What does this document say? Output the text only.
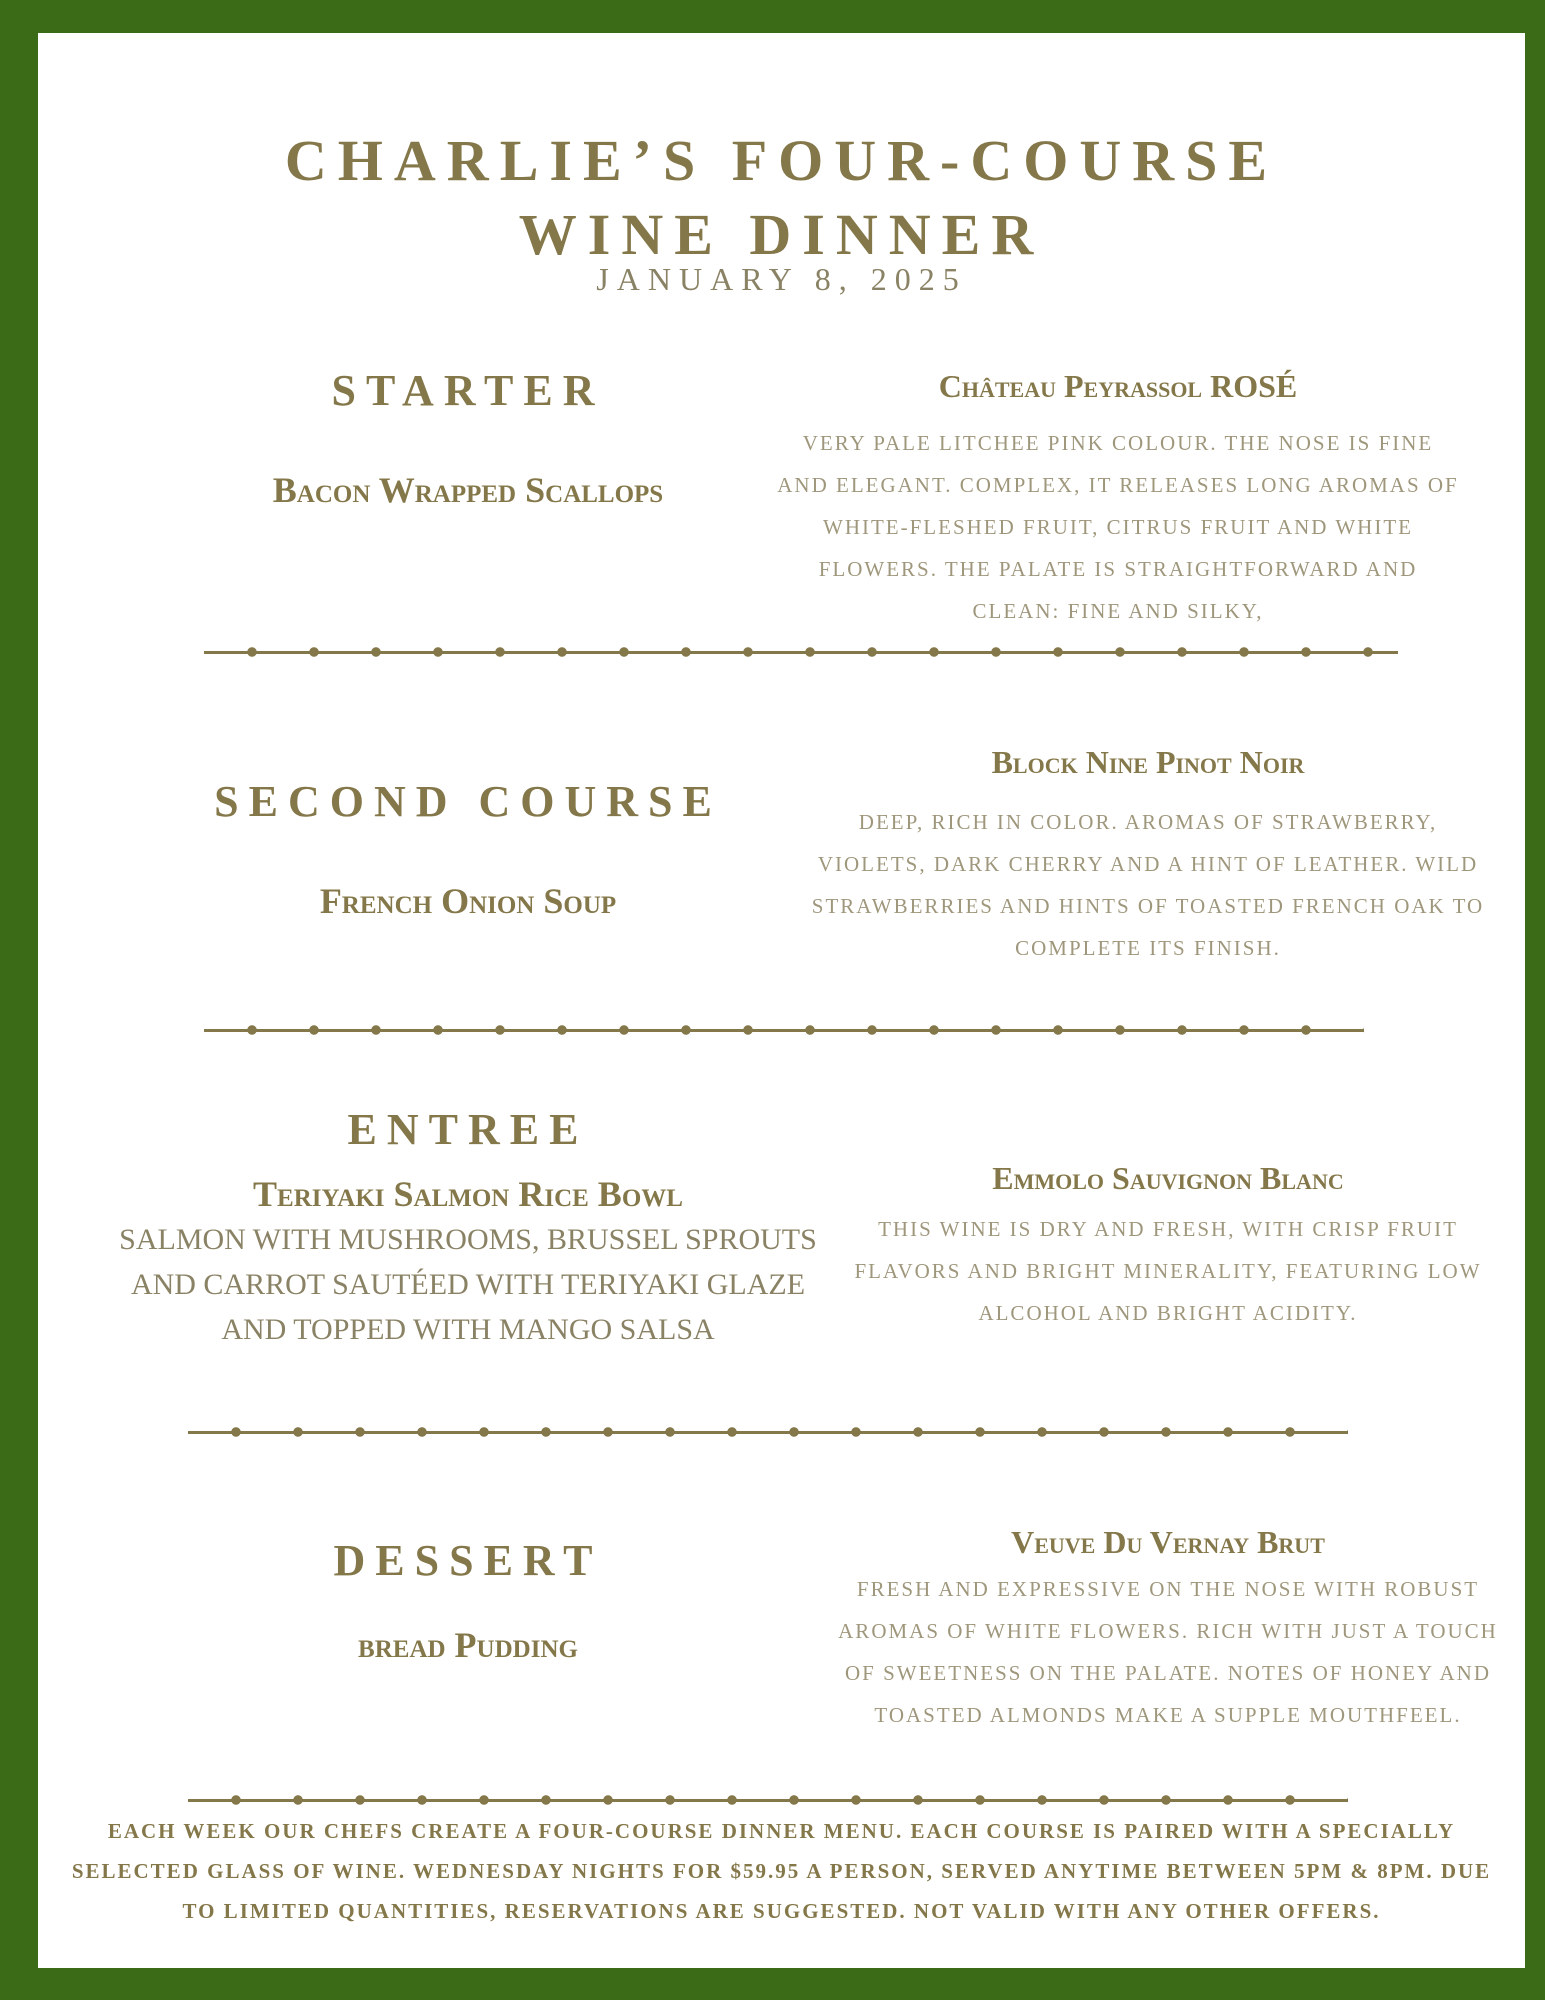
CHARLIE’S FOUR-COURSE
WINE DINNER
JANUARY 8, 2025
STARTER
Bacon Wrapped Scallops
Château Peyrassol ROSÉ
VERY PALE LITCHEE PINK COLOUR. THE NOSE IS FINE AND ELEGANT. COMPLEX, IT RELEASES LONG AROMAS OF WHITE-FLESHED FRUIT, CITRUS FRUIT AND WHITE FLOWERS. THE PALATE IS STRAIGHTFORWARD AND CLEAN: FINE AND SILKY,
SECOND COURSE
French Onion Soup
Block Nine Pinot Noir
DEEP, RICH IN COLOR. AROMAS OF STRAWBERRY, VIOLETS, DARK CHERRY AND A HINT OF LEATHER. WILD STRAWBERRIES AND HINTS OF TOASTED FRENCH OAK TO COMPLETE ITS FINISH.
ENTREE
Teriyaki Salmon Rice Bowl
SALMON WITH MUSHROOMS, BRUSSEL SPROUTS AND CARROT SAUTÉED WITH TERIYAKI GLAZE AND TOPPED WITH MANGO SALSA
Emmolo Sauvignon Blanc
THIS WINE IS DRY AND FRESH, WITH CRISP FRUIT FLAVORS AND BRIGHT MINERALITY, FEATURING LOW ALCOHOL AND BRIGHT ACIDITY.
DESSERT
bread Pudding
Veuve Du Vernay Brut
FRESH AND EXPRESSIVE ON THE NOSE WITH ROBUST AROMAS OF WHITE FLOWERS. RICH WITH JUST A TOUCH OF SWEETNESS ON THE PALATE. NOTES OF HONEY AND TOASTED ALMONDS MAKE A SUPPLE MOUTHFEEL.
EACH WEEK OUR CHEFS CREATE A FOUR-COURSE DINNER MENU. EACH COURSE IS PAIRED WITH A SPECIALLY SELECTED GLASS OF WINE. WEDNESDAY NIGHTS FOR $59.95 A PERSON, SERVED ANYTIME BETWEEN 5PM & 8PM. DUE TO LIMITED QUANTITIES, RESERVATIONS ARE SUGGESTED. NOT VALID WITH ANY OTHER OFFERS.
